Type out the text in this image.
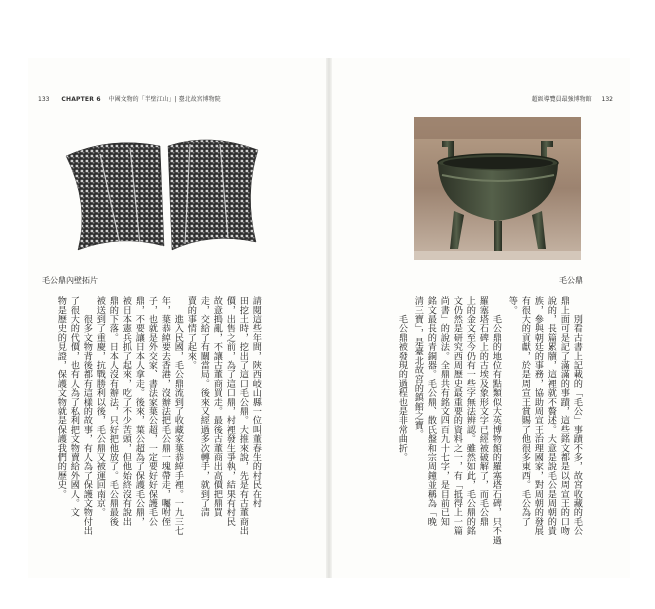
133 CHAPTER 6 中國文物的「半壁江山」| 臺北故宮博物院	超級導覽員最強博物館 132
毛公鼎內壁拓片	毛公鼎
請閱這些年間，陝西岐山縣一位叫董春生的村民在村
田挖土時，挖出了這口毛公鼎。大推來說，先是有古董商出
價，出售之前，為了這口鼎，村裡發生爭執，結果有村民
故意搗亂，不讓古董商買走。最後古董商出高價把鼎買
走，交給了有關當局。後來又經過多次轉手，就到了清
賣的事情了起來。
　　進入民國，毛公鼎流到了收藏家葉恭綽手裡。一九三七
年，葉恭綽要去香港，沒辦法把毛公鼎一塊帶走，囑咐侄
子，也就是外交家、書法家葉公超，一定要好好保護毛公
鼎，不要讓日本人拿走。後來，葉公超為了保護毛公鼎，
被日本憲兵抓了起來，吃了不少苦頭，但他始終沒有說出
鼎的下落。日本人沒有辦法，只好把他放了。毛公鼎最後
被送到了重慶，抗戰勝利以後，毛公鼎又被運回南京。
　　很多文物背後都有這樣的故事，有人為了保護文物付出
了很大的代價，也有人為了私利把文物賣給外國人。文
物是歷史的見證，保護文物就是保護我們的歷史。	　　別看古書上記載的「毛公」事蹟不多，故宮收藏的毛公
鼎上面可是記了滿滿的事蹟，這些銘文都是以周宣王的口吻
說的，長篇累牘，這裡就不贅述。大意是說毛公是周朝的貴
族，參與朝廷的事務，協助周宣王治理國家，對周朝的發展
有很大的貢獻，於是周宣王賞賜了他很多東西。毛公為了
等。
　　毛公鼎的地位有點類似大英博物館的羅塞塔石碑，只不過
羅塞塔石碑上的古埃及象形文字已經被破解了，而毛公鼎
上的金文至今仍有一些字無法辨認。雖然如此，毛公鼎的銘
文仍然是研究西周歷史最重要的資料之一，有「抵得上一篇
尚書」的說法。全鼎共有銘文四百九十七字，是目前已知
銘文最長的青銅器。毛公鼎、散氏盤和宗周鐘並稱為「晚
清三寶」，是臺北故宮的鎮館之寶。
　　毛公鼎被發現的過程也是非常曲折。
